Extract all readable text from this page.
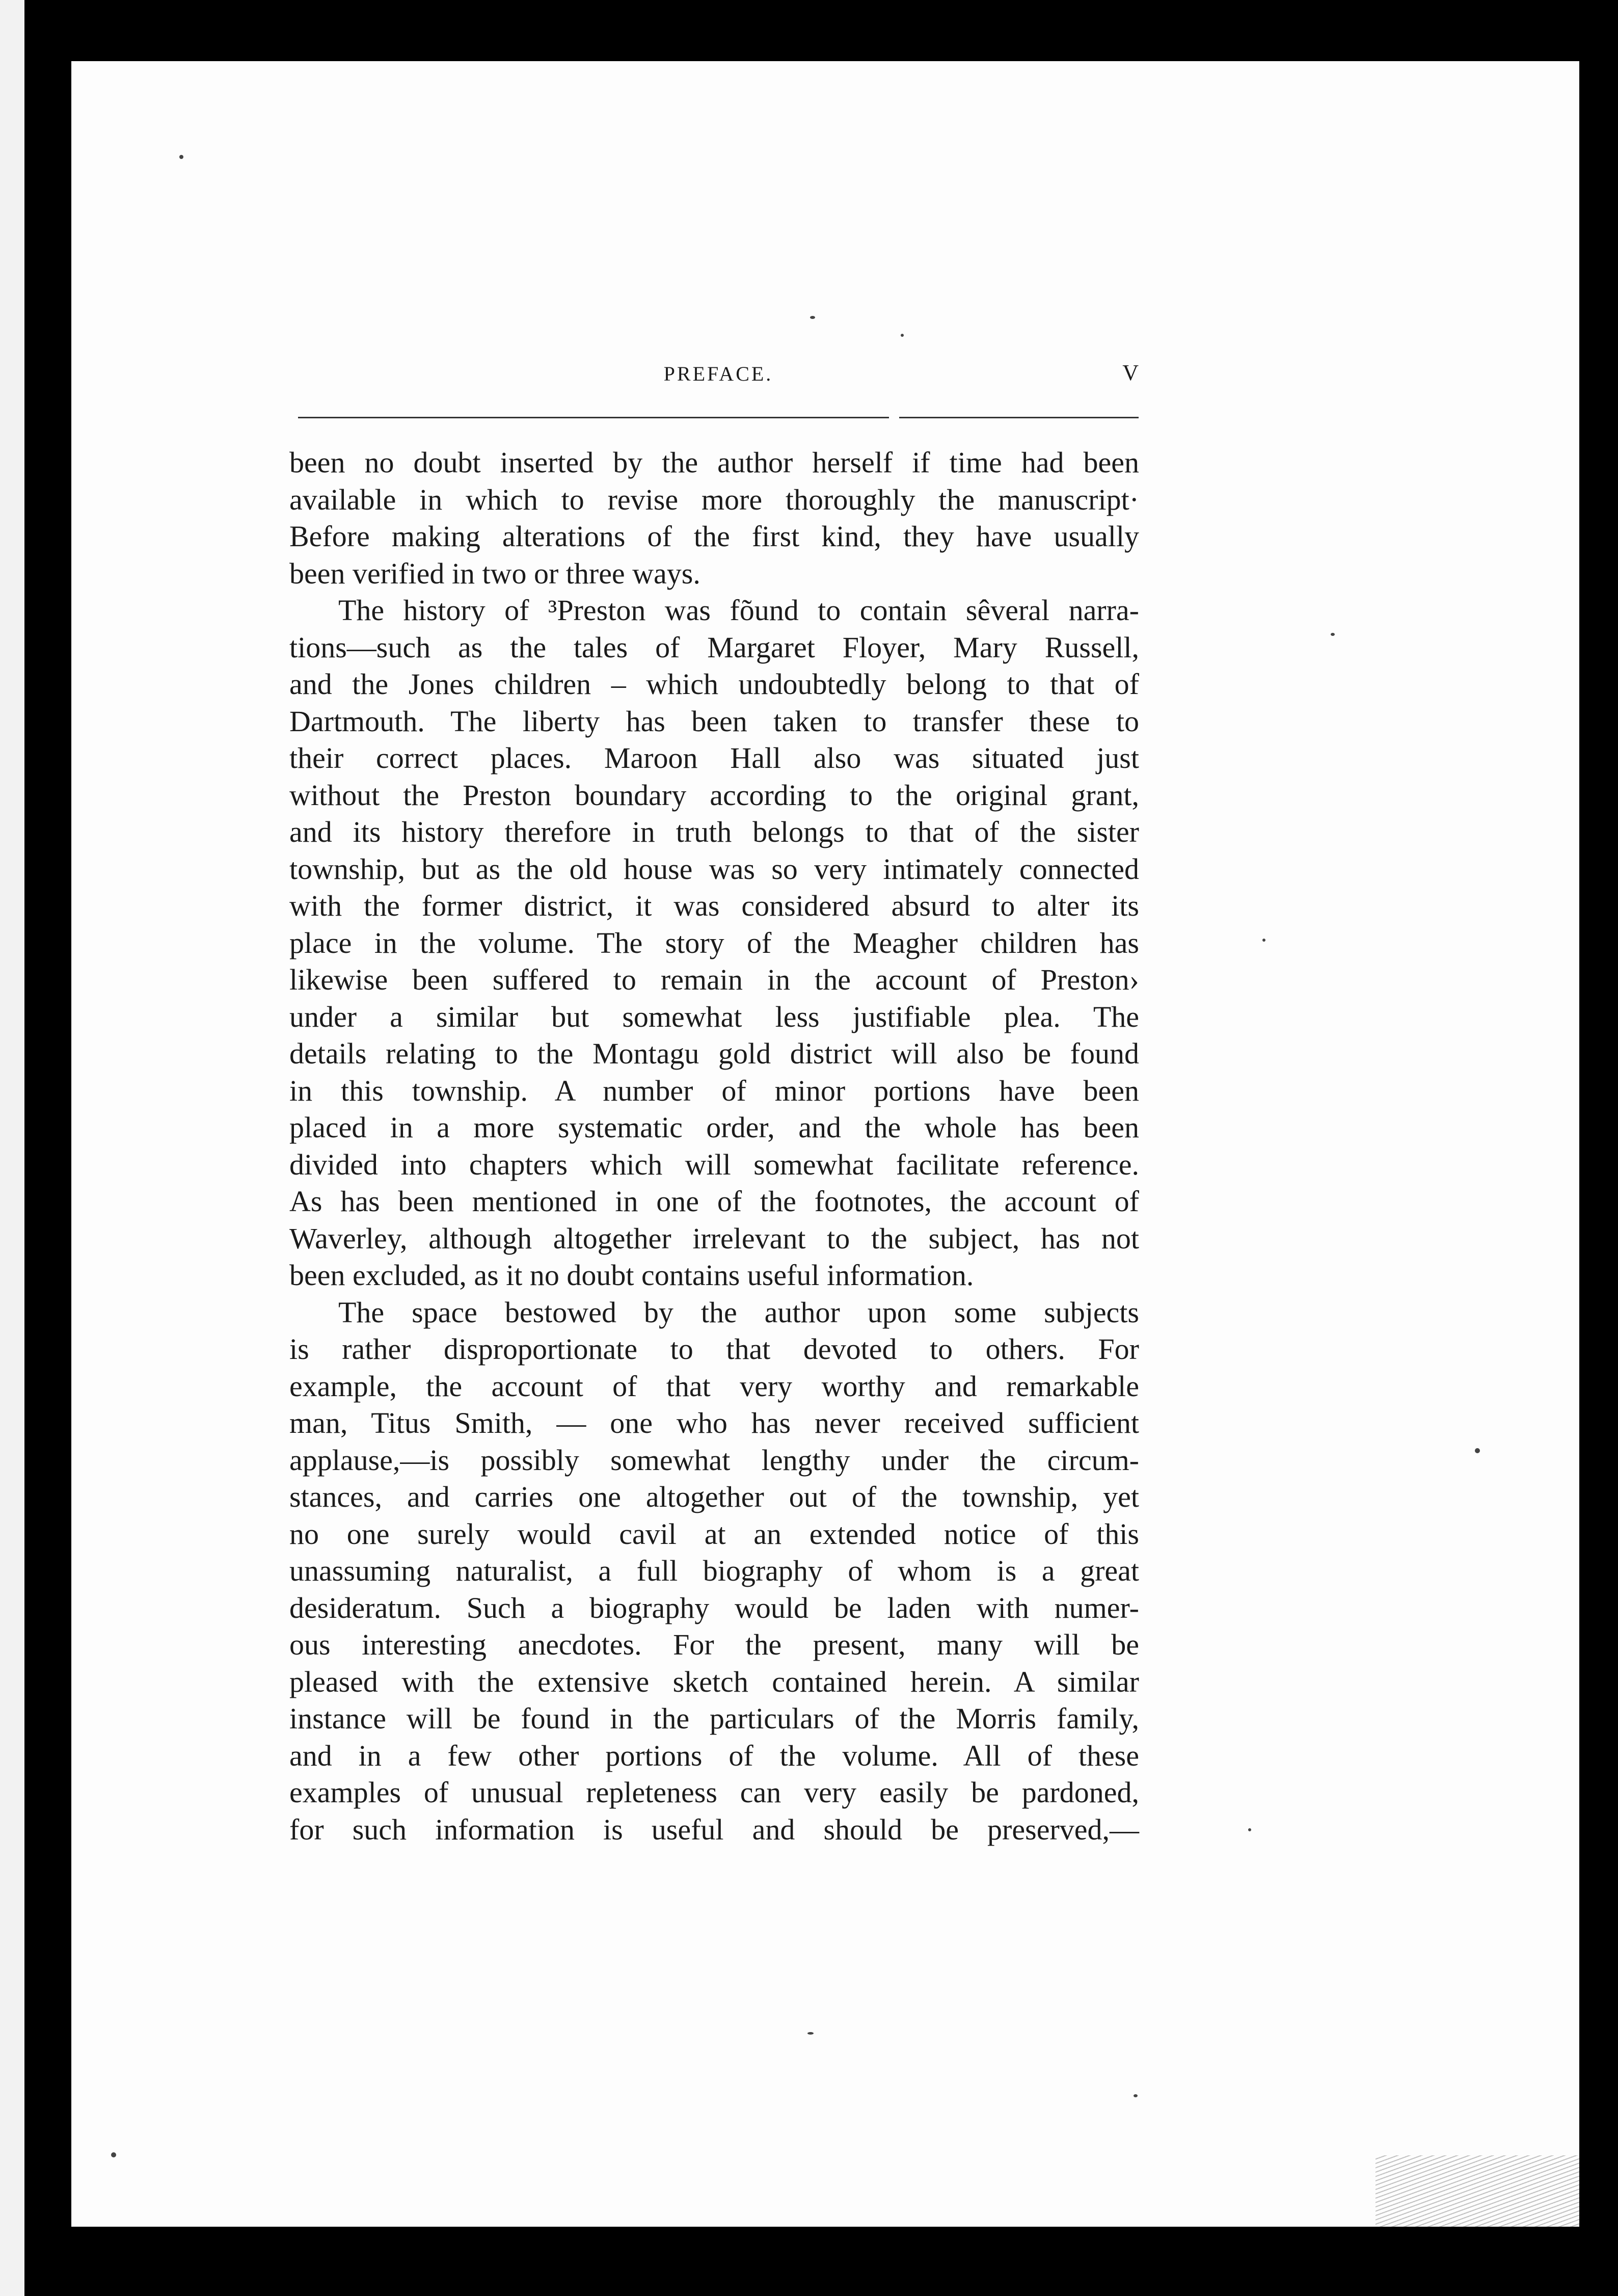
PREFACE.	V
been no doubt inserted by the author herself if time had been
available in which to revise more thoroughly the manuscript·
Before making alterations of the first kind, they have usually
been verified in two or three ways.
The history of ³Preston was fõund to contain sêveral narra-
tions—such as the tales of Margaret Floyer, Mary Russell,
and the Jones children – which undoubtedly belong to that of
Dartmouth. The liberty has been taken to transfer these to
their correct places. Maroon Hall also was situated just
without the Preston boundary according to the original grant,
and its history therefore in truth belongs to that of the sister
township, but as the old house was so very intimately connected
with the former district, it was considered absurd to alter its
place in the volume. The story of the Meagher children has
likewise been suffered to remain in the account of Preston›
under a similar but somewhat less justifiable plea. The
details relating to the Montagu gold district will also be found
in this township. A number of minor portions have been
placed in a more systematic order, and the whole has been
divided into chapters which will somewhat facilitate reference.
As has been mentioned in one of the footnotes, the account of
Waverley, although altogether irrelevant to the subject, has not
been excluded, as it no doubt contains useful information.
The space bestowed by the author upon some subjects
is rather disproportionate to that devoted to others. For
example, the account of that very worthy and remarkable
man, Titus Smith, — one who has never received sufficient
applause,—is possibly somewhat lengthy under the circum-
stances, and carries one altogether out of the township, yet
no one surely would cavil at an extended notice of this
unassuming naturalist, a full biography of whom is a great
desideratum. Such a biography would be laden with numer-
ous interesting anecdotes. For the present, many will be
pleased with the extensive sketch contained herein. A similar
instance will be found in the particulars of the Morris family,
and in a few other portions of the volume. All of these
examples of unusual repleteness can very easily be pardoned,
for such information is useful and should be preserved,—
